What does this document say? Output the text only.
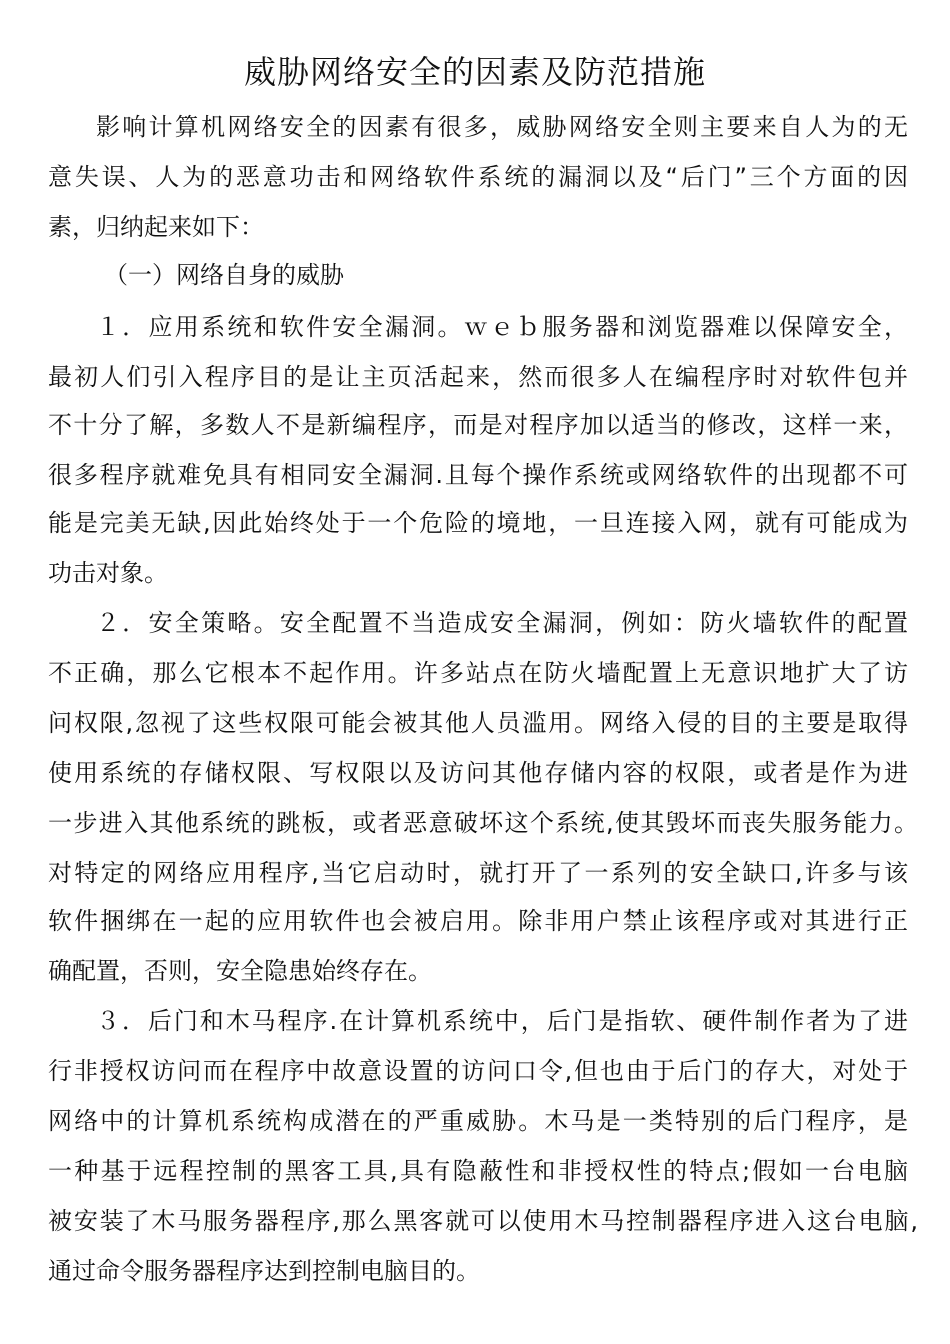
威胁网络安全的因素及防范措施
影响计算机网络安全的因素有很多，威胁网络安全则主要来自人为的无
意失误、人为的恶意功击和网络软件系统的漏洞以及“后门”三个方面的因
素，归纳起来如下：
（一）网络自身的威胁
１．应用系统和软件安全漏洞。ｗｅｂ服务器和浏览器难以保障安全，
最初人们引入程序目的是让主页活起来，然而很多人在编程序时对软件包并
不十分了解，多数人不是新编程序，而是对程序加以适当的修改，这样一来，
很多程序就难免具有相同安全漏洞.且每个操作系统或网络软件的出现都不可
能是完美无缺,因此始终处于一个危险的境地，一旦连接入网，就有可能成为
功击对象。
２．安全策略。安全配置不当造成安全漏洞，例如：防火墙软件的配置
不正确，那么它根本不起作用。许多站点在防火墙配置上无意识地扩大了访
问权限,忽视了这些权限可能会被其他人员滥用。网络入侵的目的主要是取得
使用系统的存储权限、写权限以及访问其他存储内容的权限，或者是作为进
一步进入其他系统的跳板，或者恶意破坏这个系统,使其毁坏而丧失服务能力。
对特定的网络应用程序,当它启动时，就打开了一系列的安全缺口,许多与该
软件捆绑在一起的应用软件也会被启用。除非用户禁止该程序或对其进行正
确配置，否则，安全隐患始终存在。
３．后门和木马程序.在计算机系统中，后门是指软、硬件制作者为了进
行非授权访问而在程序中故意设置的访问口令,但也由于后门的存大，对处于
网络中的计算机系统构成潜在的严重威胁。木马是一类特别的后门程序，是
一种基于远程控制的黑客工具,具有隐蔽性和非授权性的特点;假如一台电脑
被安装了木马服务器程序,那么黑客就可以使用木马控制器程序进入这台电脑,
通过命令服务器程序达到控制电脑目的。
